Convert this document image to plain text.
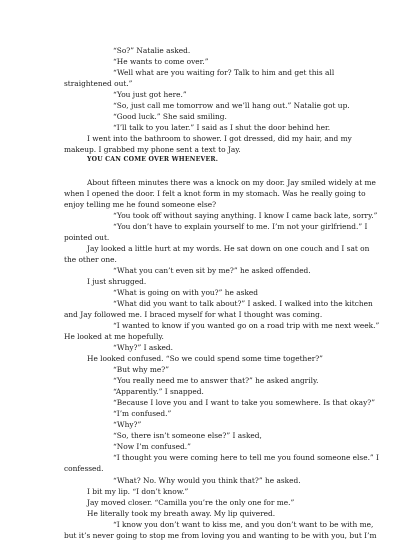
“So?” Natalie asked.
“He wants to come over.”
“Well what are you waiting for? Talk to him and get this all
straightened out.”
“You just got here.”
“So, just call me tomorrow and we’ll hang out.” Natalie got up.
“Good luck.” She said smiling.
“I’ll talk to you later.” I said as I shut the door behind her.
I went into the bathroom to shower. I got dressed, did my hair, and my
makeup. I grabbed my phone sent a text to Jay.
YOU CAN COME OVER WHENEVER.
About fifteen minutes there was a knock on my door. Jay smiled widely at me
when I opened the door. I felt a knot form in my stomach. Was he really going to
enjoy telling me he found someone else?
“You took off without saying anything. I know I came back late, sorry.”
“You don’t have to explain yourself to me. I’m not your girlfriend.” I
pointed out.
Jay looked a little hurt at my words. He sat down on one couch and I sat on
the other one.
“What you can’t even sit by me?” he asked offended.
I just shrugged.
“What is going on with you?” he asked
“What did you want to talk about?” I asked. I walked into the kitchen
and Jay followed me. I braced myself for what I thought was coming.
“I wanted to know if you wanted go on a road trip with me next week.”
He looked at me hopefully.
“Why?” I asked.
He looked confused. “So we could spend some time together?”
“But why me?”
“You really need me to answer that?” he asked angrily.
“Apparently.” I snapped.
“Because I love you and I want to take you somewhere. Is that okay?”
“I’m confused.”
“Why?”
“So, there isn’t someone else?” I asked,
“Now I’m confused.”
“I thought you were coming here to tell me you found someone else.” I
confessed.
“What? No. Why would you think that?” he asked.
I bit my lip. “I don’t know.”
Jay moved closer. “Camilla you’re the only one for me.”
He literally took my breath away. My lip quivered.
“I know you don’t want to kiss me, and you don’t want to be with me,
but it’s never going to stop me from loving you and wanting to be with you, but I’m
